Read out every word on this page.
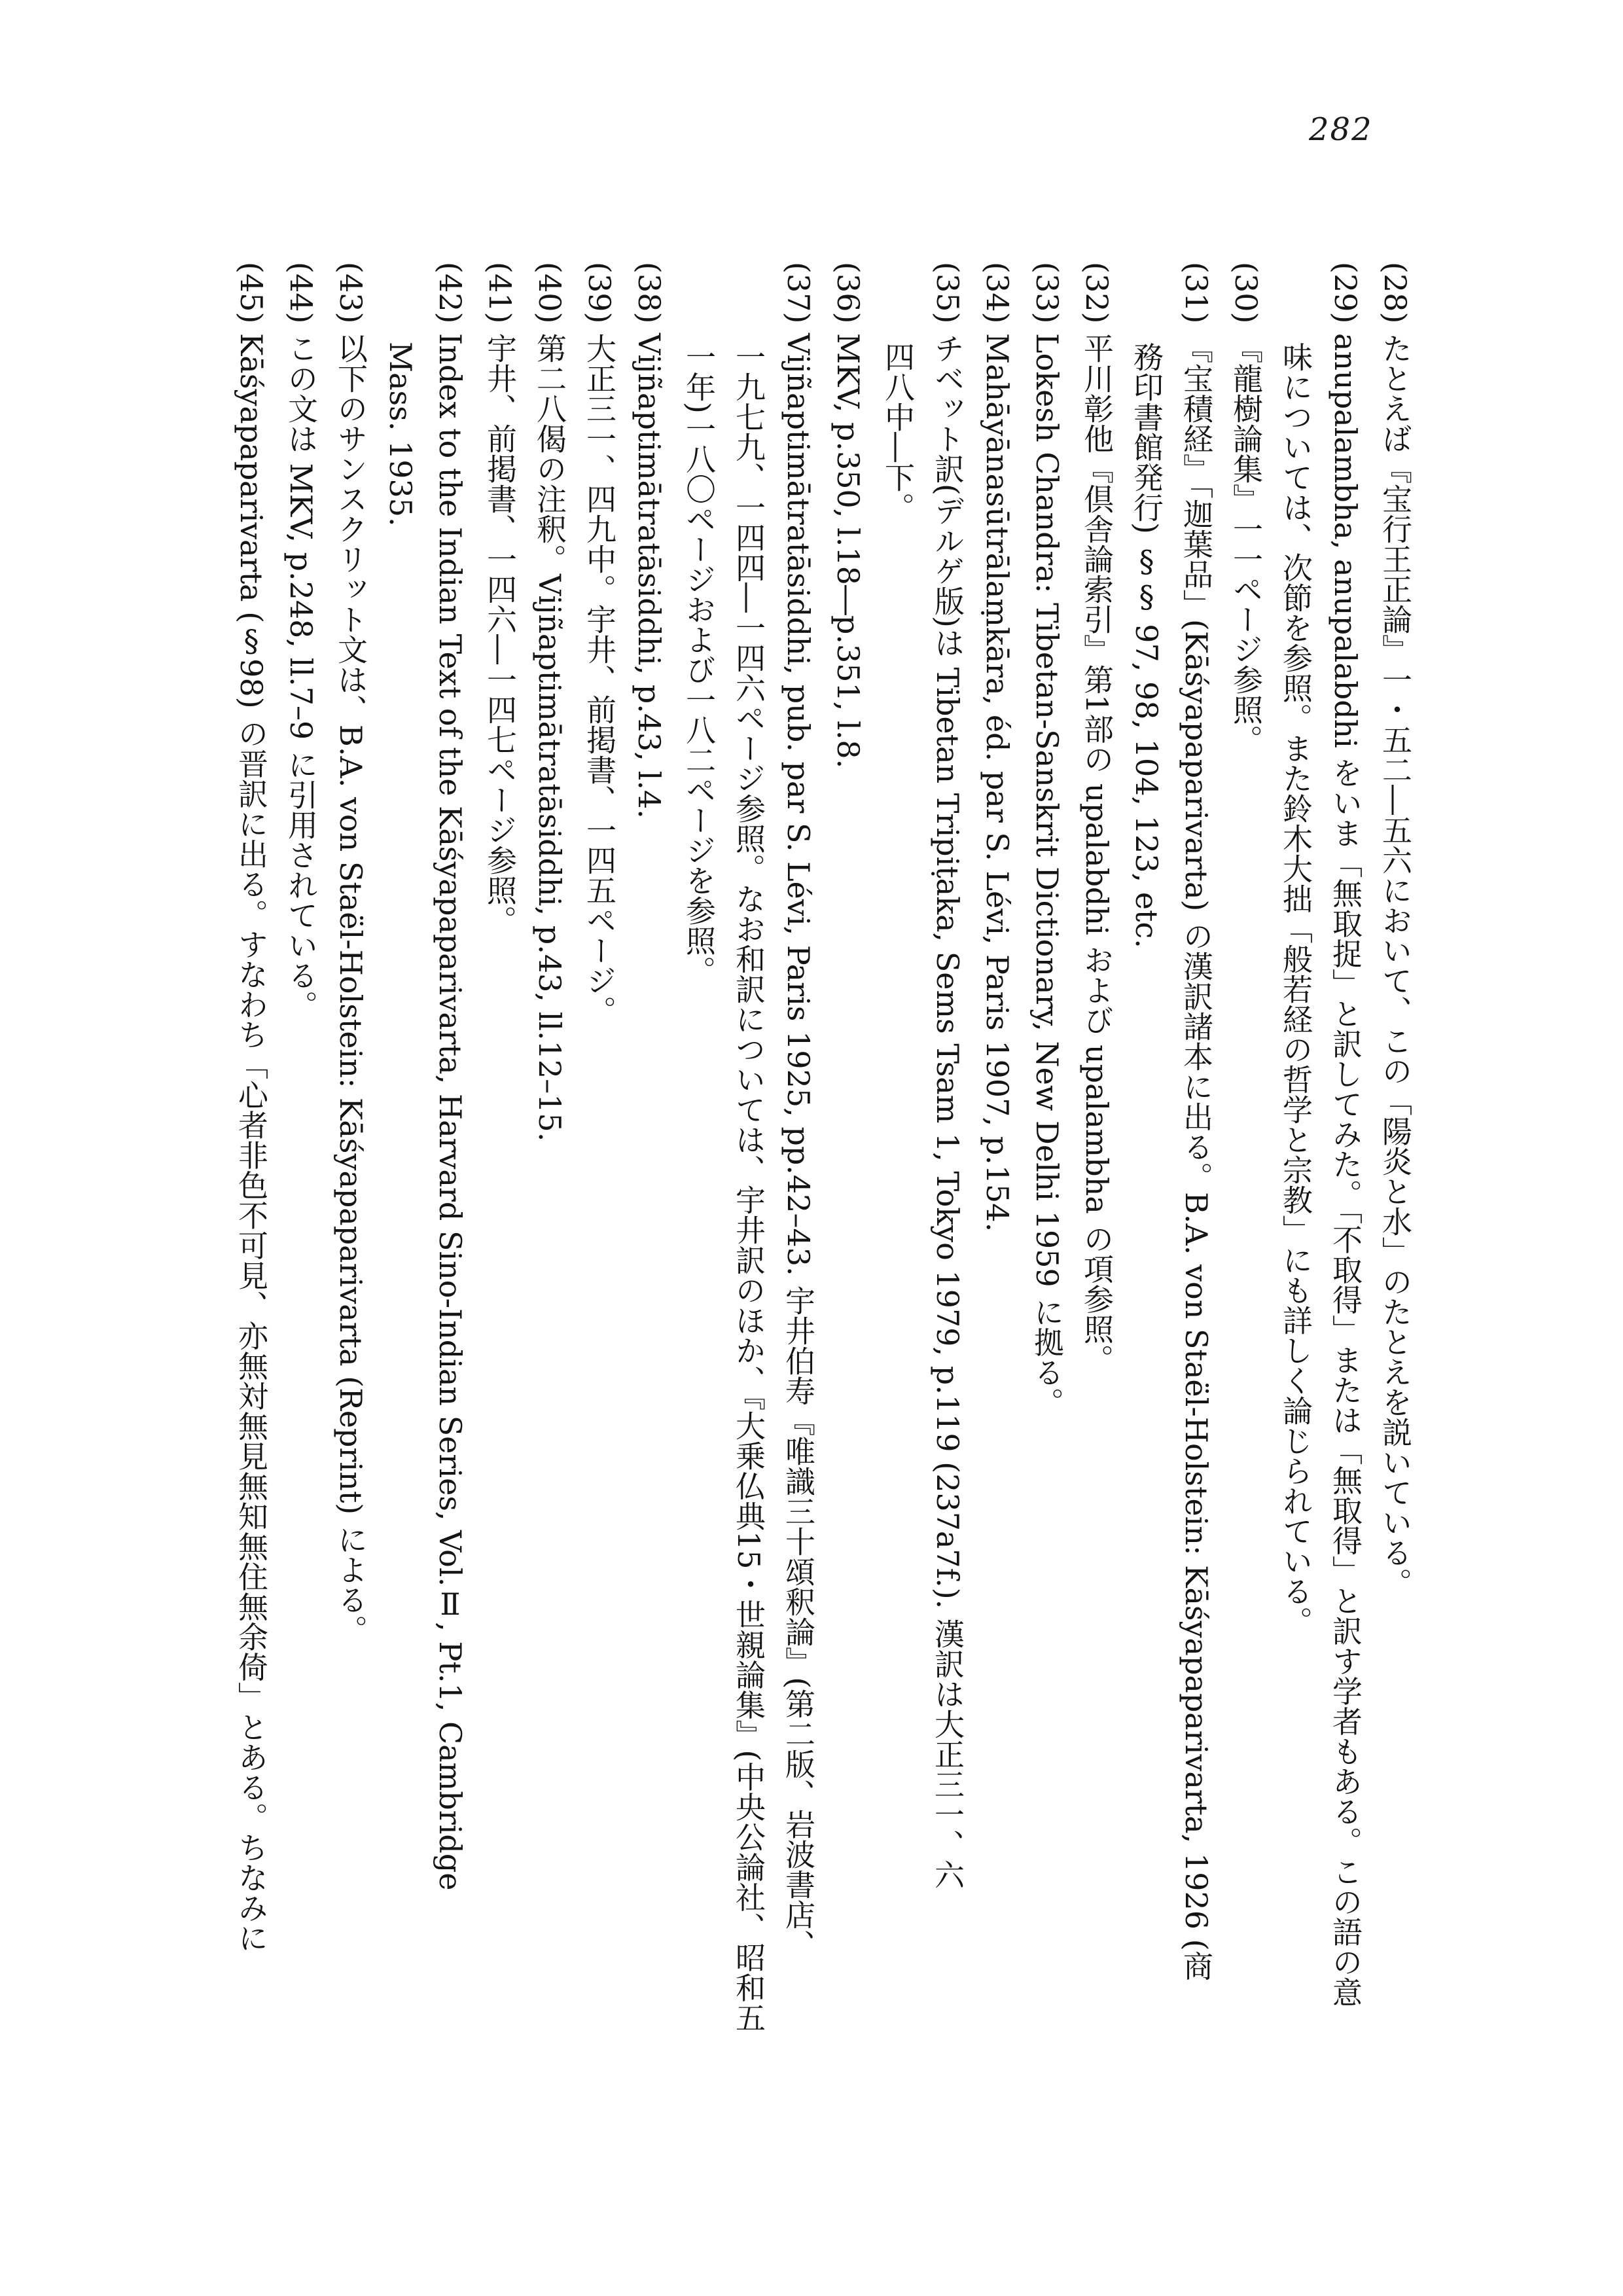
282
(28) たとえば『宝行王正論』一・五二―五六において、この「陽炎と水」のたとえを説いている。
(29) anupalambha, anupalabdhi をいま「無取捉」と訳してみた。「不取得」または「無取得」と訳す学者もある。この語の意
味については、次節を参照。また鈴木大拙「般若経の哲学と宗教」にも詳しく論じられている。
(30) 『龍樹論集』一一ページ参照。
(31) 『宝積経』「迦葉品」(Kāśyapaparivarta) の漢訳諸本に出る。B.A. von Staël-Holstein: Kāśyapaparivarta, 1926 (商
務印書館発行) §§ 97, 98, 104, 123, etc.
(32) 平川彰他『倶舎論索引』第1部の upalabdhi および upalambha の項参照。
(33) Lokesh Chandra: Tibetan-Sanskrit Dictionary, New Delhi 1959 に拠る。
(34) Mahāyānasūtrālaṃkāra, éd. par S. Lévi, Paris 1907, p.154.
(35) チベット訳(デルゲ版)は Tibetan Tripiṭaka, Sems Tsam 1, Tokyo 1979, p.119 (237a7f.). 漢訳は大正三一、六
四八中―下。
(36) MKV, p.350, l.18―p.351, l.8.
(37) Vijñaptimātratāsiddhi, pub. par S. Lévi, Paris 1925, pp.42–43. 宇井伯寿『唯識三十頌釈論』(第二版、岩波書店、
一九七九、一四四―一四六ページ参照。なお和訳については、宇井訳のほか、『大乗仏典15・世親論集』(中央公論社、昭和五
一年)一八〇ページおよび一八二ページを参照。
(38) Vijñaptimātratāsiddhi, p.43, l.4.
(39) 大正三一、四九中。宇井、前掲書、一四五ページ。
(40) 第二八偈の注釈。Vijñaptimātratāsiddhi, p.43, ll.12–15.
(41) 宇井、前掲書、一四六―一四七ページ参照。
(42) Index to the Indian Text of the Kāśyapaparivarta, Harvard Sino-Indian Series, Vol.Ⅱ, Pt.1, Cambridge
Mass. 1935.
(43) 以下のサンスクリット文は、B.A. von Staël-Holstein: Kāśyapaparivarta (Reprint) による。
(44) この文は MKV, p.248, ll.7–9 に引用されている。
(45) Kāśyapaparivarta (§98) の晋訳に出る。すなわち「心者非色不可見、亦無対無見無知無住無余倚」とある。ちなみに
